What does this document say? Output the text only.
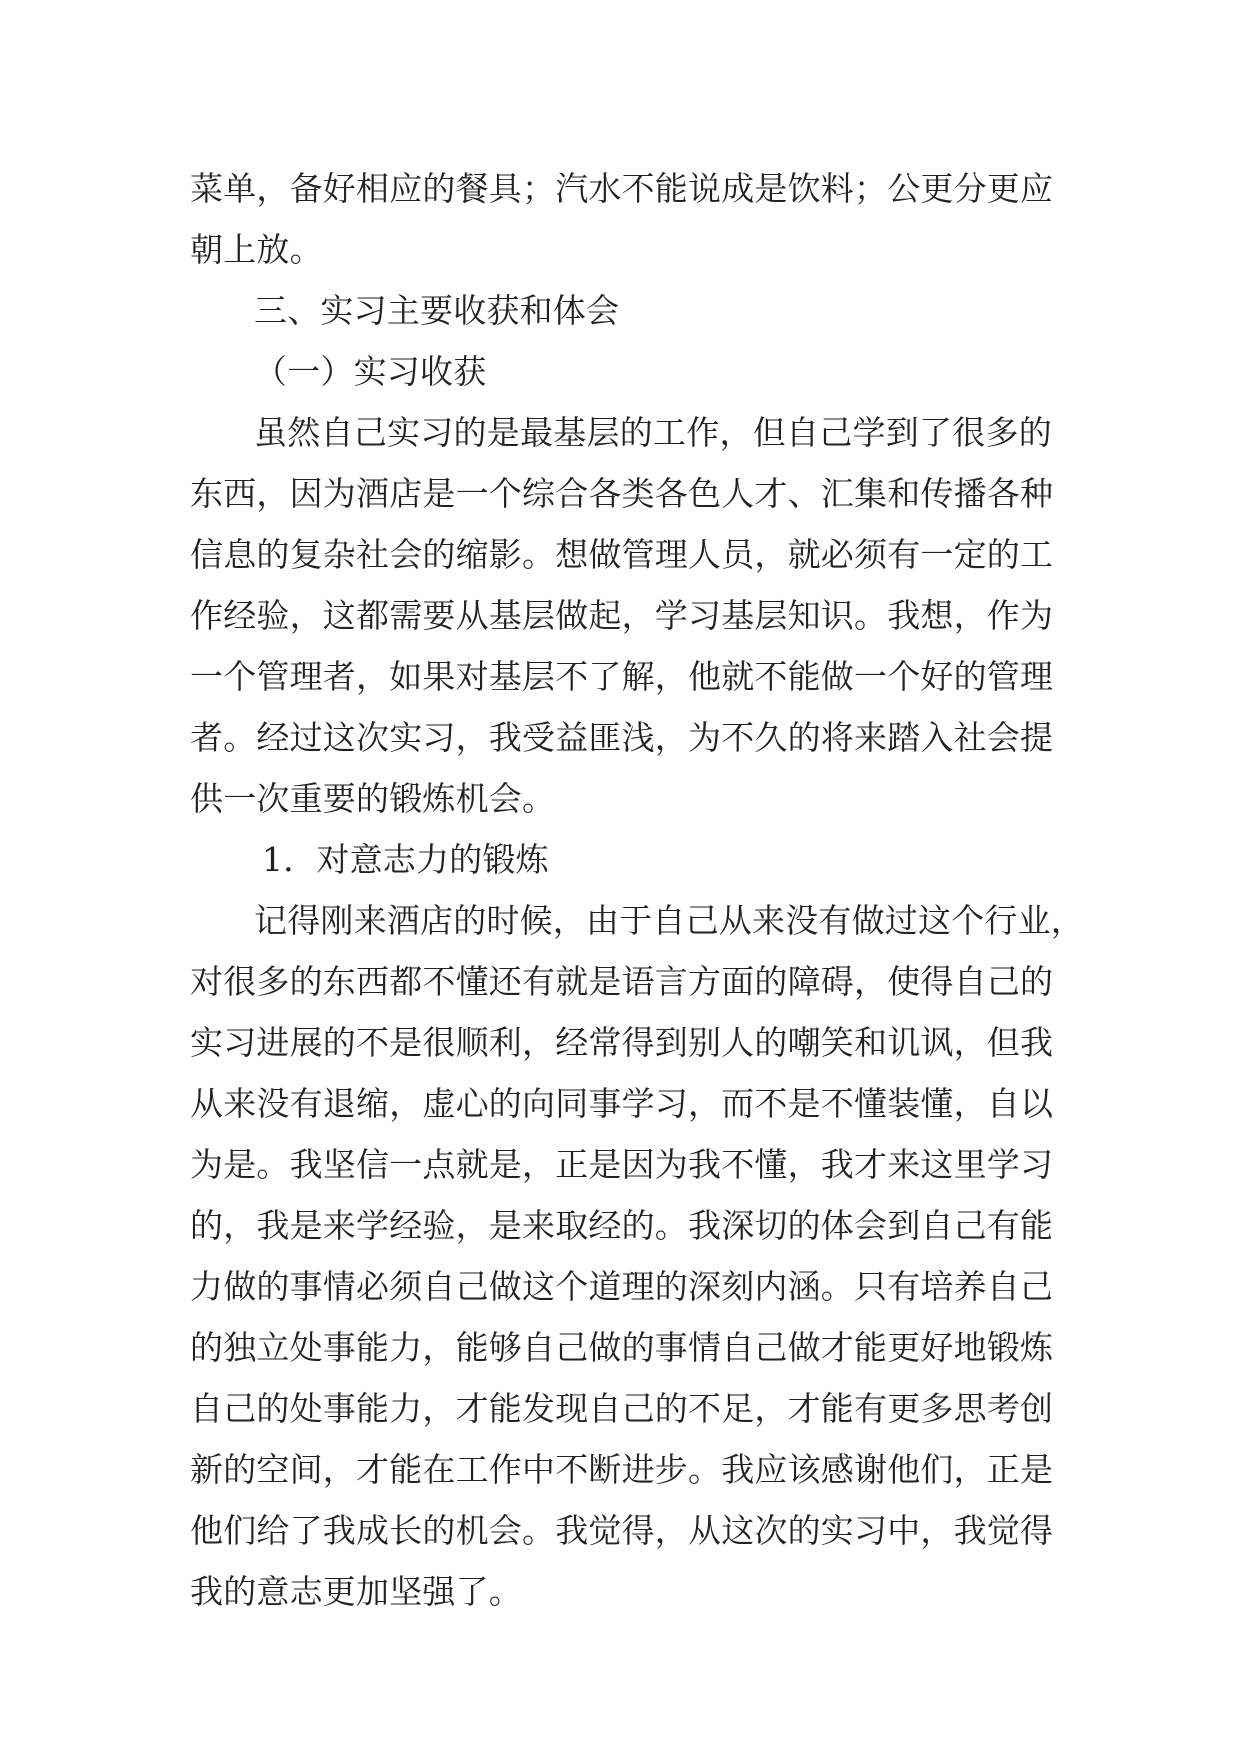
菜单，备好相应的餐具；汽水不能说成是饮料；公更分更应
朝上放。
三、实习主要收获和体会
（一）实习收获
虽然自己实习的是最基层的工作，但自己学到了很多的
东西，因为酒店是一个综合各类各色人才、汇集和传播各种
信息的复杂社会的缩影。想做管理人员，就必须有一定的工
作经验，这都需要从基层做起，学习基层知识。我想，作为
一个管理者，如果对基层不了解，他就不能做一个好的管理
者。经过这次实习，我受益匪浅，为不久的将来踏入社会提
供一次重要的锻炼机会。
1．对意志力的锻炼
记得刚来酒店的时候，由于自己从来没有做过这个行业，
对很多的东西都不懂还有就是语言方面的障碍，使得自己的
实习进展的不是很顺利，经常得到别人的嘲笑和讥讽，但我
从来没有退缩，虚心的向同事学习，而不是不懂装懂，自以
为是。我坚信一点就是，正是因为我不懂，我才来这里学习
的，我是来学经验，是来取经的。我深切的体会到自己有能
力做的事情必须自己做这个道理的深刻内涵。只有培养自己
的独立处事能力，能够自己做的事情自己做才能更好地锻炼
自己的处事能力，才能发现自己的不足，才能有更多思考创
新的空间，才能在工作中不断进步。我应该感谢他们，正是
他们给了我成长的机会。我觉得，从这次的实习中，我觉得
我的意志更加坚强了。
